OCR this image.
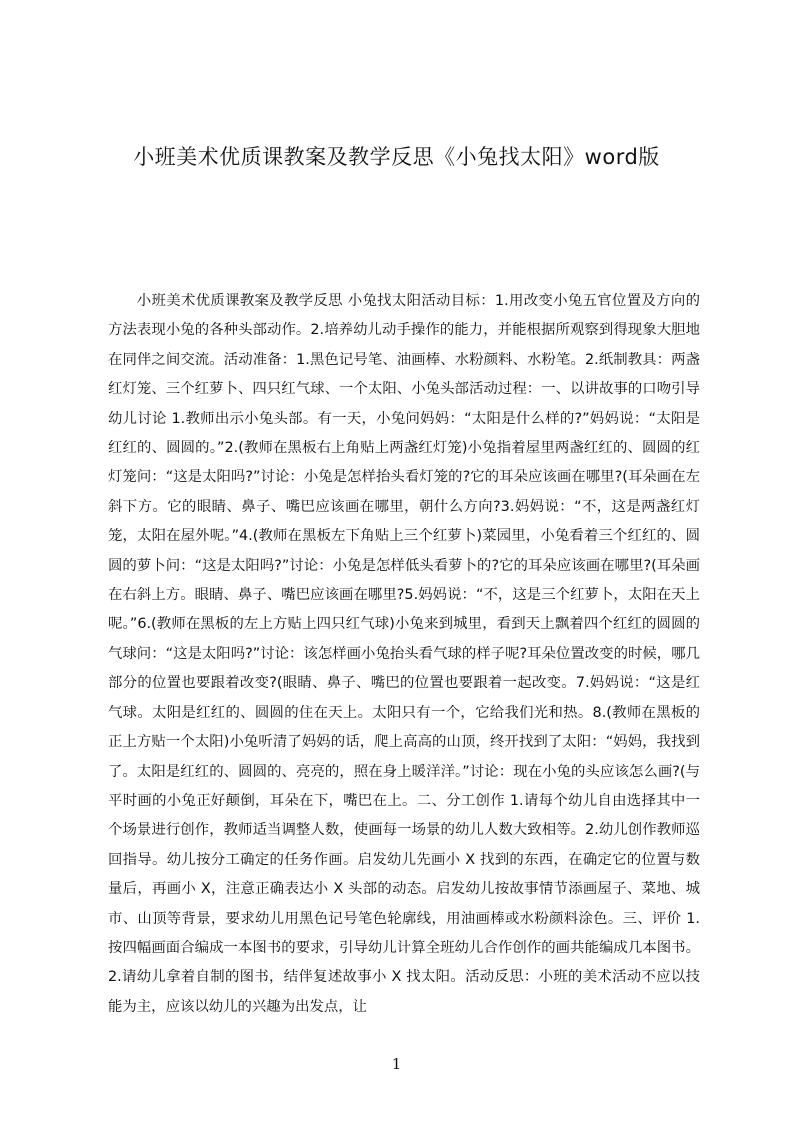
小班美术优质课教案及教学反思《小兔找太阳》word版

小班美术优质课教案及教学反思 小兔找太阳活动目标：1.用改变小兔五官位置及方向的方法表现小兔的各种头部动作。2.培养幼儿动手操作的能力，并能根据所观察到得现象大胆地在同伴之间交流。活动准备：1.黑色记号笔、油画棒、水粉颜料、水粉笔。2.纸制教具：两盏红灯笼、三个红萝卜、四只红气球、一个太阳、小兔头部活动过程：一、以讲故事的口吻引导幼儿讨论 1.教师出示小兔头部。有一天，小兔问妈妈：“太阳是什么样的?”妈妈说：“太阳是红红的、圆圆的。”2.(教师在黑板右上角贴上两盏红灯笼)小兔指着屋里两盏红红的、圆圆的红灯笼问：“这是太阳吗?”讨论：小兔是怎样抬头看灯笼的?它的耳朵应该画在哪里?(耳朵画在左斜下方。它的眼睛、鼻子、嘴巴应该画在哪里，朝什么方向?3.妈妈说：“不，这是两盏红灯笼，太阳在屋外呢。”4.(教师在黑板左下角贴上三个红萝卜)菜园里，小兔看着三个红红的、圆圆的萝卜问：“这是太阳吗?”讨论：小兔是怎样低头看萝卜的?它的耳朵应该画在哪里?(耳朵画在右斜上方。眼睛、鼻子、嘴巴应该画在哪里?5.妈妈说：“不，这是三个红萝卜，太阳在天上呢。”6.(教师在黑板的左上方贴上四只红气球)小兔来到城里，看到天上飘着四个红红的圆圆的气球问：“这是太阳吗?”讨论：该怎样画小兔抬头看气球的样子呢?耳朵位置改变的时候，哪几部分的位置也要跟着改变?(眼睛、鼻子、嘴巴的位置也要跟着一起改变。7.妈妈说：“这是红气球。太阳是红红的、圆圆的住在天上。太阳只有一个，它给我们光和热。8.(教师在黑板的正上方贴一个太阳)小兔听清了妈妈的话，爬上高高的山顶，终开找到了太阳：“妈妈，我找到了。太阳是红红的、圆圆的、亮亮的，照在身上暖洋洋。”讨论：现在小兔的头应该怎么画?(与平时画的小兔正好颠倒，耳朵在下，嘴巴在上。二、分工创作 1.请每个幼儿自由选择其中一个场景进行创作，教师适当调整人数，使画每一场景的幼儿人数大致相等。2.幼儿创作教师巡回指导。幼儿按分工确定的任务作画。启发幼儿先画小 X 找到的东西，在确定它的位置与数量后，再画小 X，注意正确表达小 X 头部的动态。启发幼儿按故事情节添画屋子、菜地、城市、山顶等背景，要求幼儿用黑色记号笔色轮廓线，用油画棒或水粉颜料涂色。三、评价 1.按四幅画面合编成一本图书的要求，引导幼儿计算全班幼儿合作创作的画共能编成几本图书。2.请幼儿拿着自制的图书，结伴复述故事小 X 找太阳。活动反思：小班的美术活动不应以技能为主，应该以幼儿的兴趣为出发点，让

1
